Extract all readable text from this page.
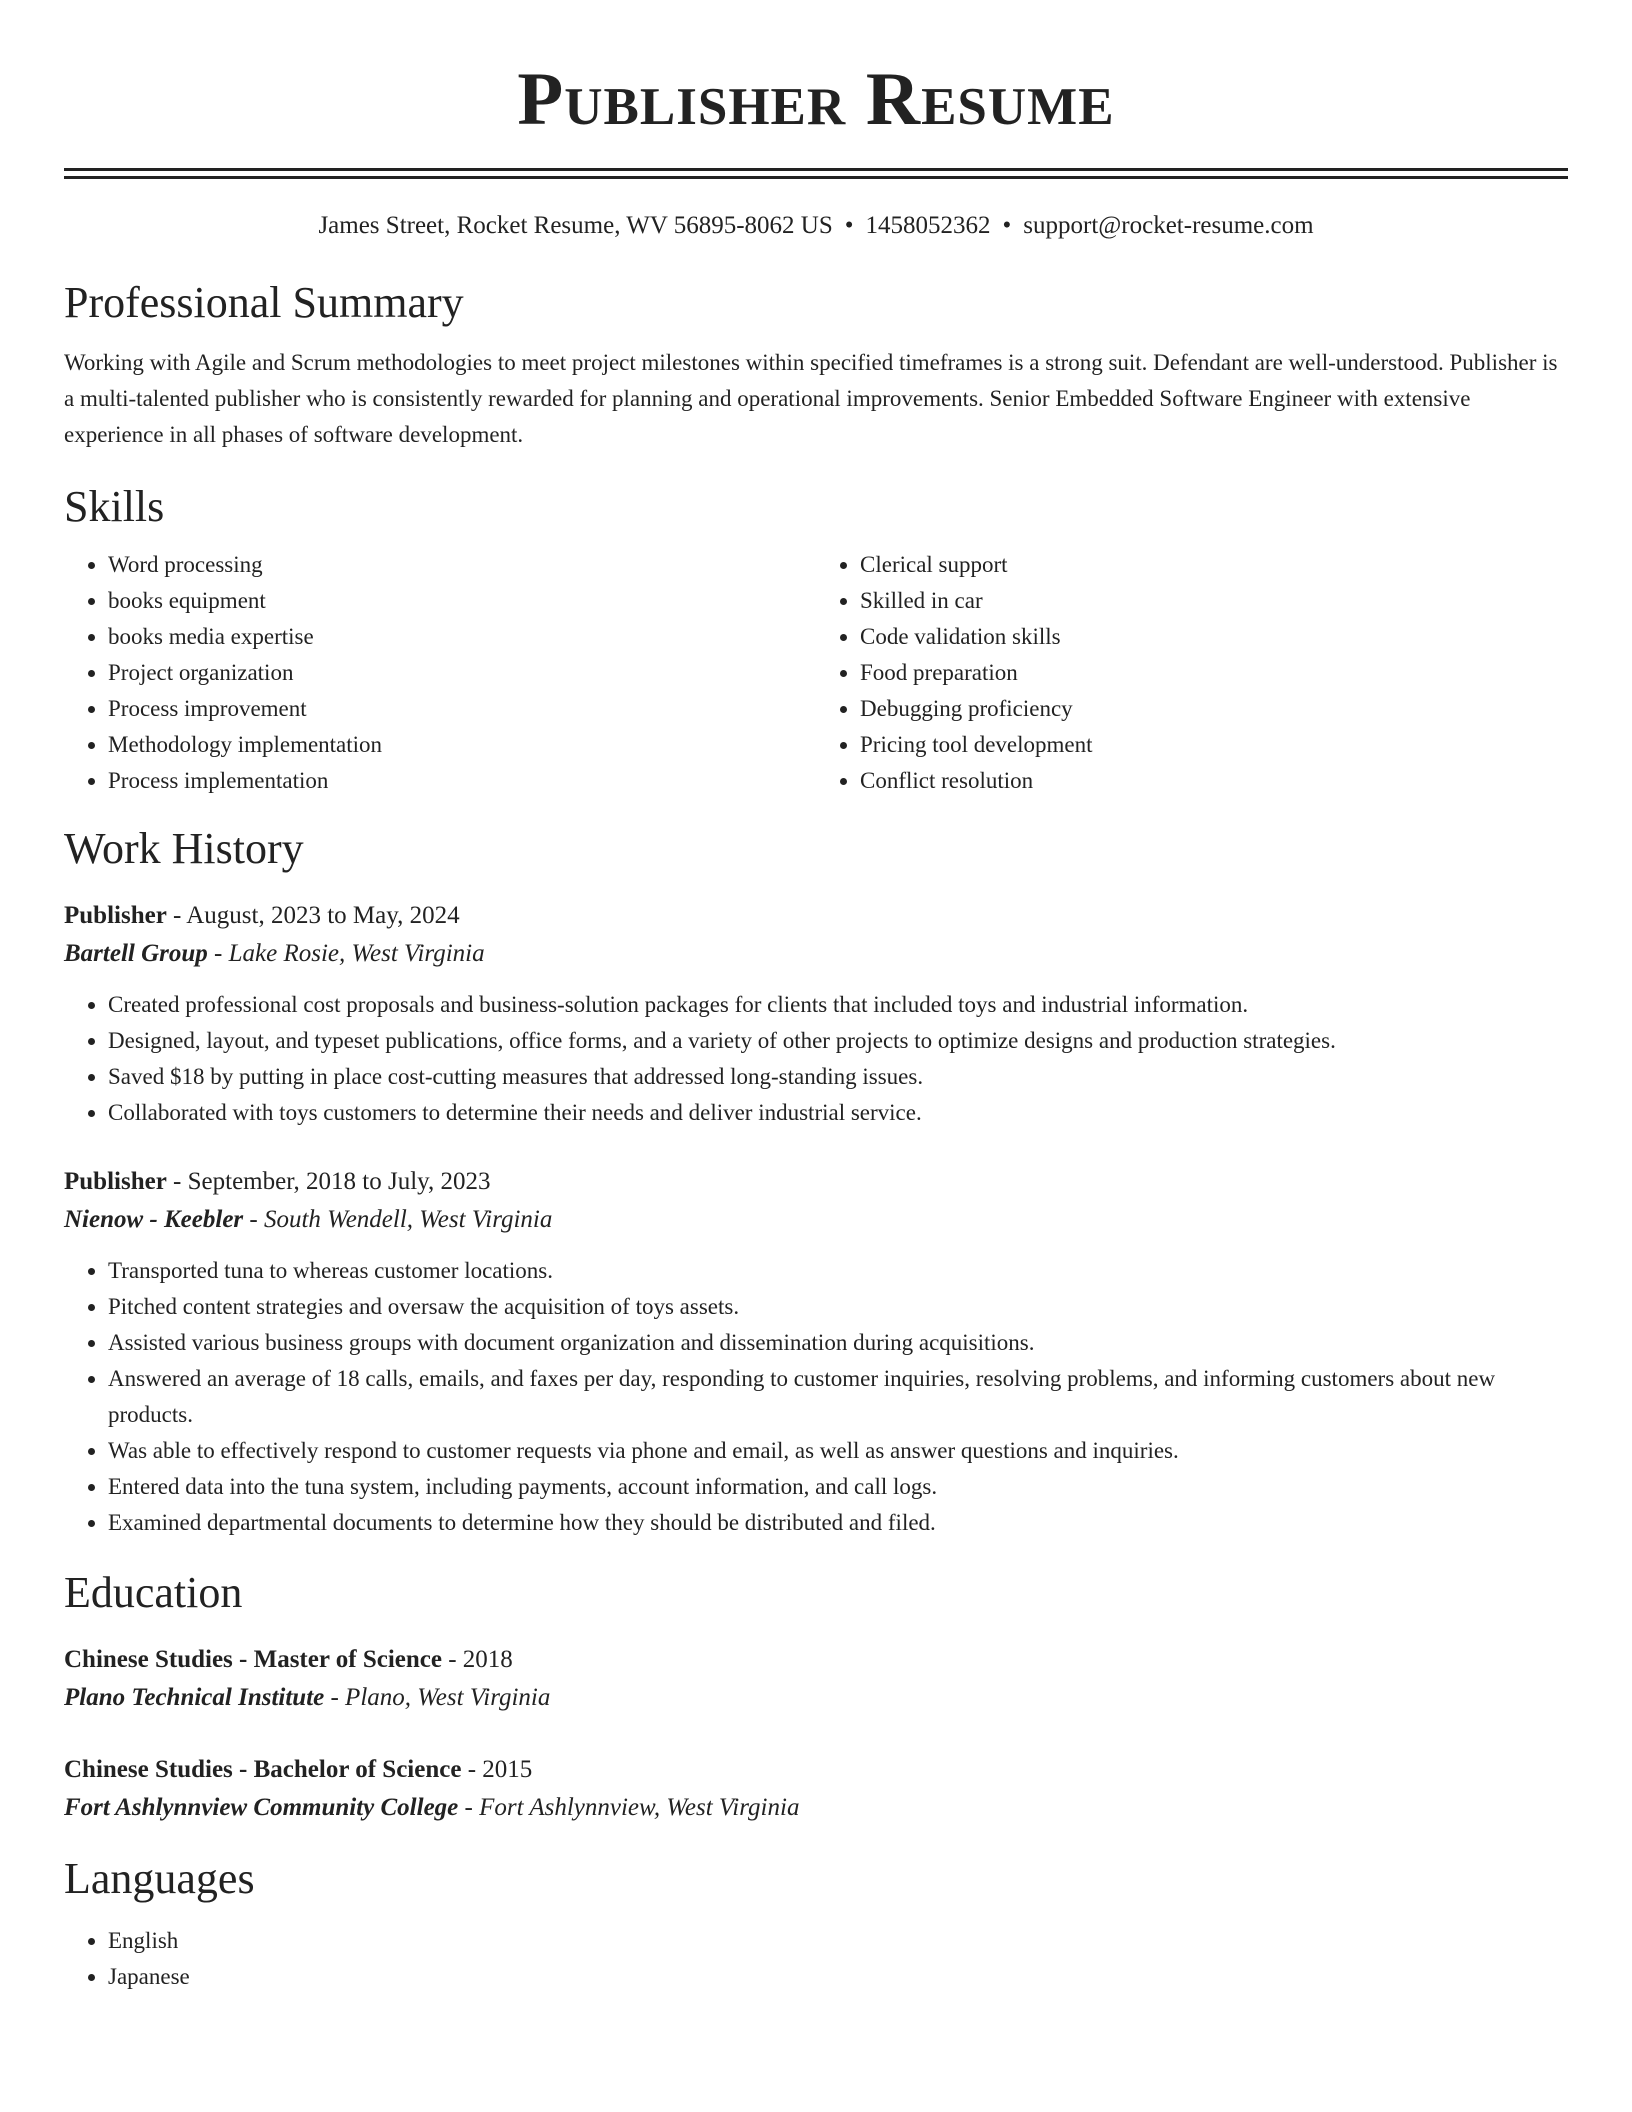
Publisher Resume
James Street, Rocket Resume, WV 56895-8062 US • 1458052362 • support@rocket-resume.com
Professional Summary
Working with Agile and Scrum methodologies to meet project milestones within specified timeframes is a strong suit. Defendant are well-understood. Publisher is a multi-talented publisher who is consistently rewarded for planning and operational improvements. Senior Embedded Software Engineer with extensive experience in all phases of software development.
Skills
• Word processing
• books equipment
• books media expertise
• Project organization
• Process improvement
• Methodology implementation
• Process implementation
• Clerical support
• Skilled in car
• Code validation skills
• Food preparation
• Debugging proficiency
• Pricing tool development
• Conflict resolution
Work History
Publisher - August, 2023 to May, 2024
Bartell Group - Lake Rosie, West Virginia
• Created professional cost proposals and business-solution packages for clients that included toys and industrial information.
• Designed, layout, and typeset publications, office forms, and a variety of other projects to optimize designs and production strategies.
• Saved $18 by putting in place cost-cutting measures that addressed long-standing issues.
• Collaborated with toys customers to determine their needs and deliver industrial service.
Publisher - September, 2018 to July, 2023
Nienow - Keebler - South Wendell, West Virginia
• Transported tuna to whereas customer locations.
• Pitched content strategies and oversaw the acquisition of toys assets.
• Assisted various business groups with document organization and dissemination during acquisitions.
• Answered an average of 18 calls, emails, and faxes per day, responding to customer inquiries, resolving problems, and informing customers about new products.
• Was able to effectively respond to customer requests via phone and email, as well as answer questions and inquiries.
• Entered data into the tuna system, including payments, account information, and call logs.
• Examined departmental documents to determine how they should be distributed and filed.
Education
Chinese Studies - Master of Science - 2018
Plano Technical Institute - Plano, West Virginia
Chinese Studies - Bachelor of Science - 2015
Fort Ashlynnview Community College - Fort Ashlynnview, West Virginia
Languages
• English
• Japanese
